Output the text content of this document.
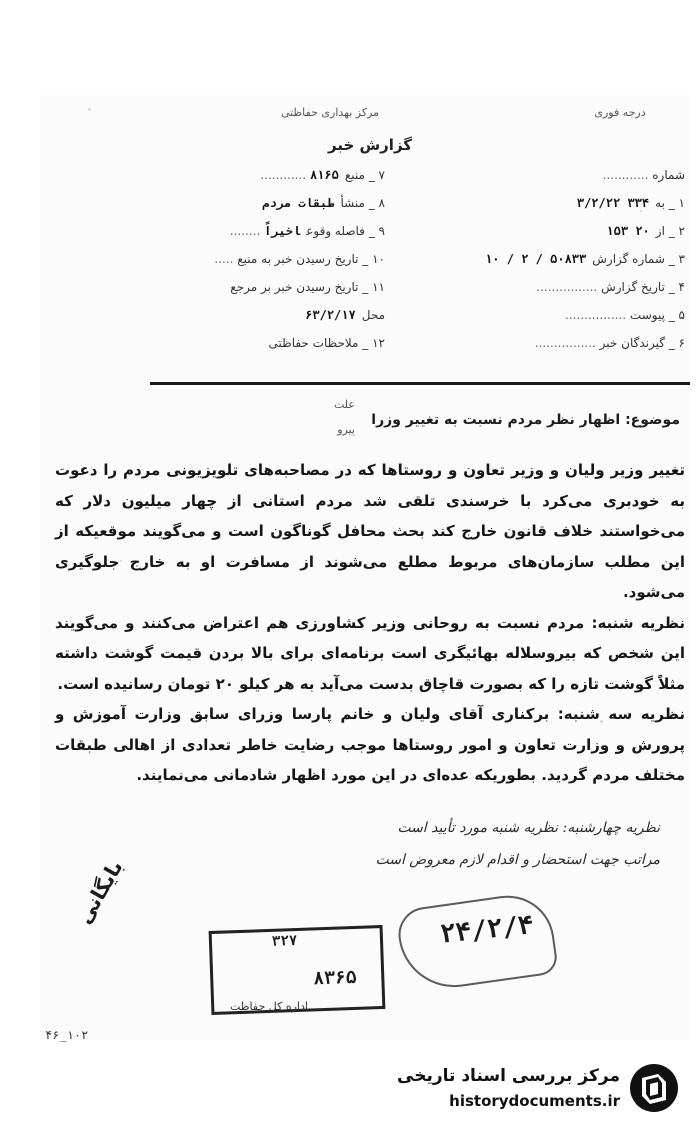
مرکز بهداری حفاظتی	درجه فوری
گزارش خبر
شماره ............
۷ _ منبع۸۱۶۵ ............
۱ _ به۳۳۴ ۳/۲/۲۲
۸ _ منشأطبقات مردم
۲ _ از۲۰ ۱۵۳
۹ _ فاصله وقوعاخیراً ........
۳ _ شماره گزارش۵۰۸۳۳ / ۲ / ۱۰
۱۰ _ تاریخ رسیدن خبر به منبع .....
۴ _ تاریخ گزارش ................
۱۱ _ تاریخ رسیدن خبر بر مرجع
۵ _ پیوست ................
محل۶۳/۲/۱۷
۶ _ گیرندگان خبر ................
۱۲ _ ملاحظات حفاظتی
علت
پیرو
موضوع: اظهار نظر مردم نسبت به تغییر وزرا

تغییر وزیر ولیان و وزیر تعاون و روستاها که در مصاحبه‌های تلویزیونی مردم را دعوت به خودبری می‌کرد با خرسندی تلقی شد مردم استانی از چهار میلیون دلار که می‌خواستند خلاف قانون خارج کند بحث محافل گوناگون است و می‌گویند موقعیکه از این مطلب سازمان‌های مربوط مطلع می‌شوند از مسافرت او به خارج جلوگیری می‌شود.

نظریه شنبه: مردم نسبت به روحانی وزیر کشاورزی هم اعتراض می‌کنند و می‌گویند این شخص که بیروسلاله بهائیگری است برنامه‌ای برای بالا بردن قیمت گوشت داشته مثلاً گوشت تازه را که بصورت قاچاق بدست می‌آید به هر کیلو ۲۰ تومان رسانیده است.

نظریه سه شنبه: برکناری آقای ولیان و خانم پارسا وزرای سابق وزارت آموزش و پرورش و وزارت تعاون و امور روستاها موجب رضایت خاطر تعدادی از اهالی طبقات مختلف مردم گردید. بطوریکه عده‌ای در این مورد اظهار شادمانی می‌نمایند.

نظریه چهارشنبه: نظریه شنبه مورد تأیید است
مراتب جهت استحضار و اقدام لازم معروض است
بایگانی
۲۴/۲/۴
۳۲۷
۸۳۶۵
اداره کل حفاظت
۴۶_۱۰۲
مرکز بررسی اسناد تاریخی
historydocuments.ir
